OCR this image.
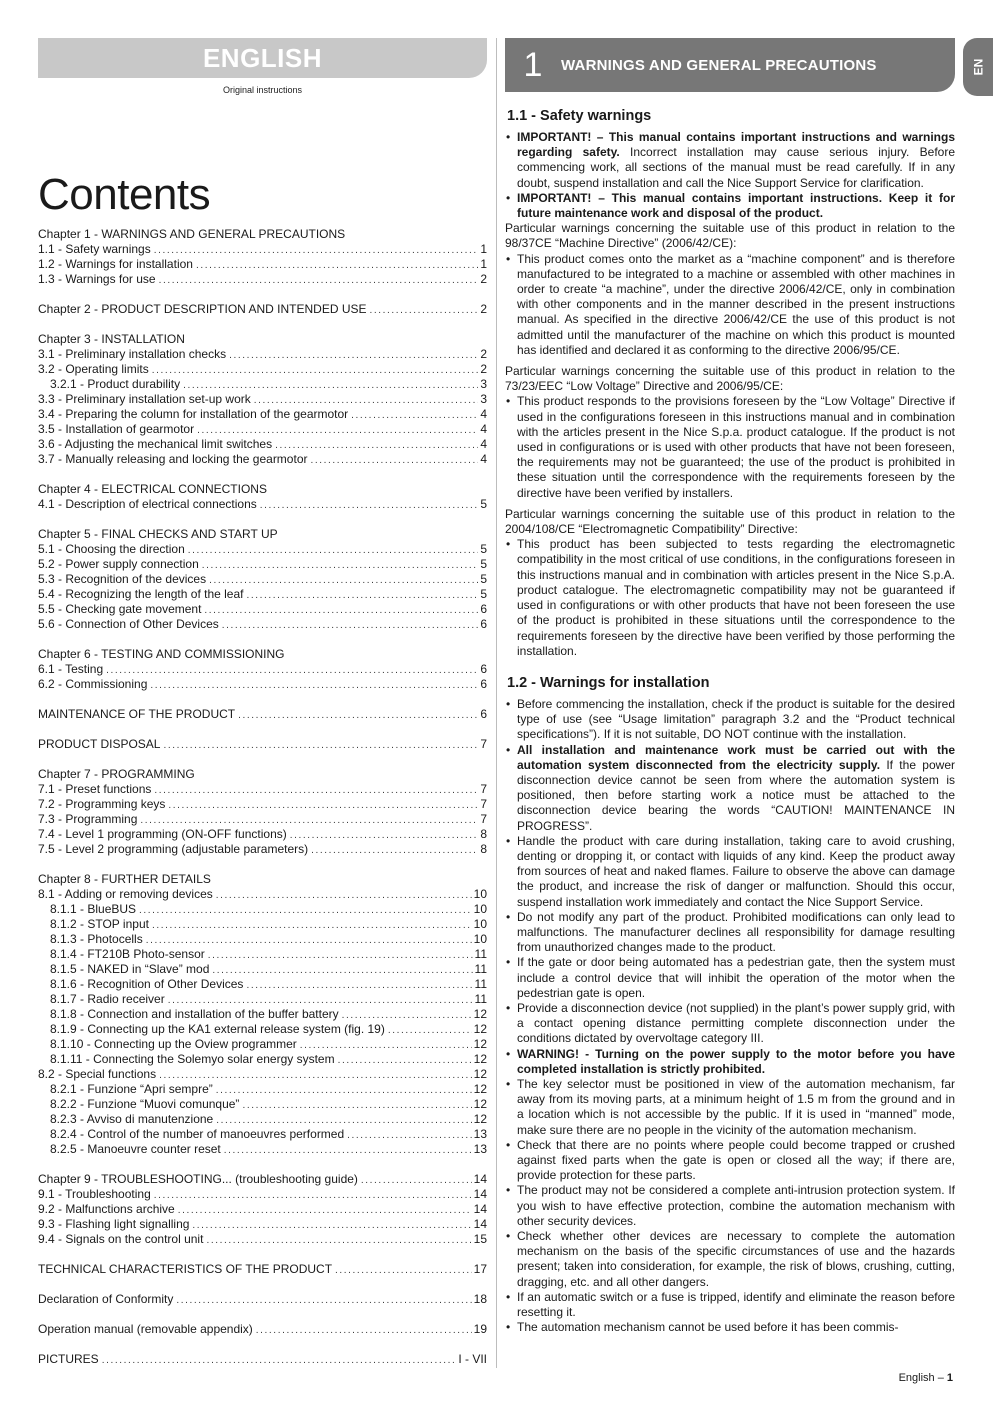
ENGLISH
Original instructions
Contents
Chapter 1 - WARNINGS AND GENERAL PRECAUTIONS
1.1 - Safety warnings .....	1
1.2 - Warnings for installation .....	1
1.3 - Warnings for use .....	2
Chapter 2 - PRODUCT DESCRIPTION AND INTENDED USE .....	2
Chapter 3 - INSTALLATION
3.1 - Preliminary installation checks .....	2
3.2 - Operating limits .....	2
3.2.1 - Product durability .....	3
3.3 - Preliminary installation set-up work .....	3
3.4 - Preparing the column for installation of the gearmotor .....	4
3.5 - Installation of gearmotor .....	4
3.6 - Adjusting the mechanical limit switches .....	4
3.7 - Manually releasing and locking the gearmotor .....	4
Chapter 4 - ELECTRICAL CONNECTIONS
4.1 - Description of electrical connections .....	5
Chapter 5 - FINAL CHECKS AND START UP
5.1 - Choosing the direction .....	5
5.2 - Power supply connection .....	5
5.3 - Recognition of the devices .....	5
5.4 - Recognizing the length of the leaf .....	5
5.5 - Checking gate movement .....	6
5.6 - Connection of Other Devices .....	6
Chapter 6 - TESTING AND COMMISSIONING
6.1 - Testing .....	6
6.2 - Commissioning .....	6
MAINTENANCE OF THE PRODUCT .....	6
PRODUCT DISPOSAL .....	7
Chapter 7 - PROGRAMMING
7.1 - Preset functions .....	7
7.2 - Programming keys .....	7
7.3 - Programming .....	7
7.4 - Level 1 programming (ON-OFF functions) .....	8
7.5 - Level 2 programming (adjustable parameters) .....	8
Chapter 8 - FURTHER DETAILS
8.1 - Adding or removing devices .....	10
8.1.1 - BlueBUS .....	10
8.1.2 - STOP input .....	10
8.1.3 - Photocells .....	10
8.1.4 - FT210B Photo-sensor .....	11
8.1.5 - NAKED in “Slave” mod .....	11
8.1.6 - Recognition of Other Devices .....	11
8.1.7 - Radio receiver .....	11
8.1.8 - Connection and installation of the buffer battery .....	12
8.1.9 - Connecting up the KA1 external release system (fig. 19) .....	12
8.1.10 - Connecting up the Oview programmer .....	12
8.1.11 - Connecting the Solemyo solar energy system .....	12
8.2 - Special functions .....	12
8.2.1 - Funzione “Apri sempre” .....	12
8.2.2 - Funzione “Muovi comunque” .....	12
8.2.3 - Avviso di manutenzione .....	12
8.2.4 - Control of the number of manoeuvres performed .....	13
8.2.5 - Manoeuvre counter reset .....	13
Chapter 9 - TROUBLESHOOTING... (troubleshooting guide) .....	14
9.1 - Troubleshooting .....	14
9.2 - Malfunctions archive .....	14
9.3 - Flashing light signalling .....	14
9.4 - Signals on the control unit .....	15
TECHNICAL CHARACTERISTICS OF THE PRODUCT .....	17
Declaration of Conformity .....	18
Operation manual (removable appendix) .....	19
PICTURES .....	I - VII
EN
1	WARNINGS AND GENERAL PRECAUTIONS
1.1 - Safety warnings

• IMPORTANT! – This manual contains important instructions and warnings regarding safety. Incorrect installation may cause serious injury. Before commencing work, all sections of the manual must be read carefully. If in any doubt, suspend installation and call the Nice Support Service for clarification.

• IMPORTANT! – This manual contains important instructions. Keep it for future maintenance work and disposal of the product.

Particular warnings concerning the suitable use of this product in relation to the 98/37CE “Machine Directive” (2006/42/CE):

• This product comes onto the market as a “machine component” and is therefore manufactured to be integrated to a machine or assembled with other machines in order to create “a machine”, under the directive 2006/42/CE, only in combination with other components and in the manner described in the present instructions manual. As specified in the directive 2006/42/CE the use of this product is not admitted until the manufacturer of the machine on which this product is mounted has identified and declared it as conforming to the directive 2006/95/CE.

Particular warnings concerning the suitable use of this product in relation to the 73/23/EEC “Low Voltage” Directive and 2006/95/CE:

• This product responds to the provisions foreseen by the “Low Voltage” Directive if used in the configurations foreseen in this instructions manual and in combination with the articles present in the Nice S.p.a. product catalogue. If the product is not used in configurations or is used with other products that have not been foreseen, the requirements may not be guaranteed; the use of the product is prohibited in these situation until the correspondence with the requirements foreseen by the directive have been verified by installers.

Particular warnings concerning the suitable use of this product in relation to the 2004/108/CE “Electromagnetic Compatibility” Directive:

• This product has been subjected to tests regarding the electromagnetic compatibility in the most critical of use conditions, in the configurations foreseen in this instructions manual and in combination with articles present in the Nice S.p.A. product catalogue. The electromagnetic compatibility may not be guaranteed if used in configurations or with other products that have not been foreseen the use of the product is prohibited in these situations until the correspondence to the requirements foreseen by the directive have been verified by those performing the installation.

1.2 - Warnings for installation

• Before commencing the installation, check if the product is suitable for the desired type of use (see “Usage limitation” paragraph 3.2 and the “Product technical specifications”). If it is not suitable, DO NOT continue with the installation.

• All installation and maintenance work must be carried out with the automation system disconnected from the electricity supply. If the power disconnection device cannot be seen from where the automation system is positioned, then before starting work a notice must be attached to the disconnection device bearing the words “CAUTION! MAINTENANCE IN PROGRESS”.

• Handle the product with care during installation, taking care to avoid crushing, denting or dropping it, or contact with liquids of any kind. Keep the product away from sources of heat and naked flames. Failure to observe the above can damage the product, and increase the risk of danger or malfunction. Should this occur, suspend installation work immediately and contact the Nice Support Service.

• Do not modify any part of the product. Prohibited modifications can only lead to malfunctions. The manufacturer declines all responsibility for damage resulting from unauthorized changes made to the product.

• If the gate or door being automated has a pedestrian gate, then the system must include a control device that will inhibit the operation of the motor when the pedestrian gate is open.

• Provide a disconnection device (not supplied) in the plant’s power supply grid, with a contact opening distance permitting complete disconnection under the conditions dictated by overvoltage category III.

• WARNING! - Turning on the power supply to the motor before you have completed installation is strictly prohibited.

• The key selector must be positioned in view of the automation mechanism, far away from its moving parts, at a minimum height of 1.5 m from the ground and in a location which is not accessible by the public. If it is used in “manned” mode, make sure there are no people in the vicinity of the automation mechanism.

• Check that there are no points where people could become trapped or crushed against fixed parts when the gate is open or closed all the way; if there are, provide protection for these parts.

• The product may not be considered a complete anti-intrusion protection system. If you wish to have effective protection, combine the automation mechanism with other security devices.

• Check whether other devices are necessary to complete the automation mechanism on the basis of the specific circumstances of use and the hazards present; taken into consideration, for example, the risk of blows, crushing, cutting, dragging, etc. and all other dangers.

• If an automatic switch or a fuse is tripped, identify and eliminate the reason before resetting it.

• The automation mechanism cannot be used before it has been commis-

English – 1
